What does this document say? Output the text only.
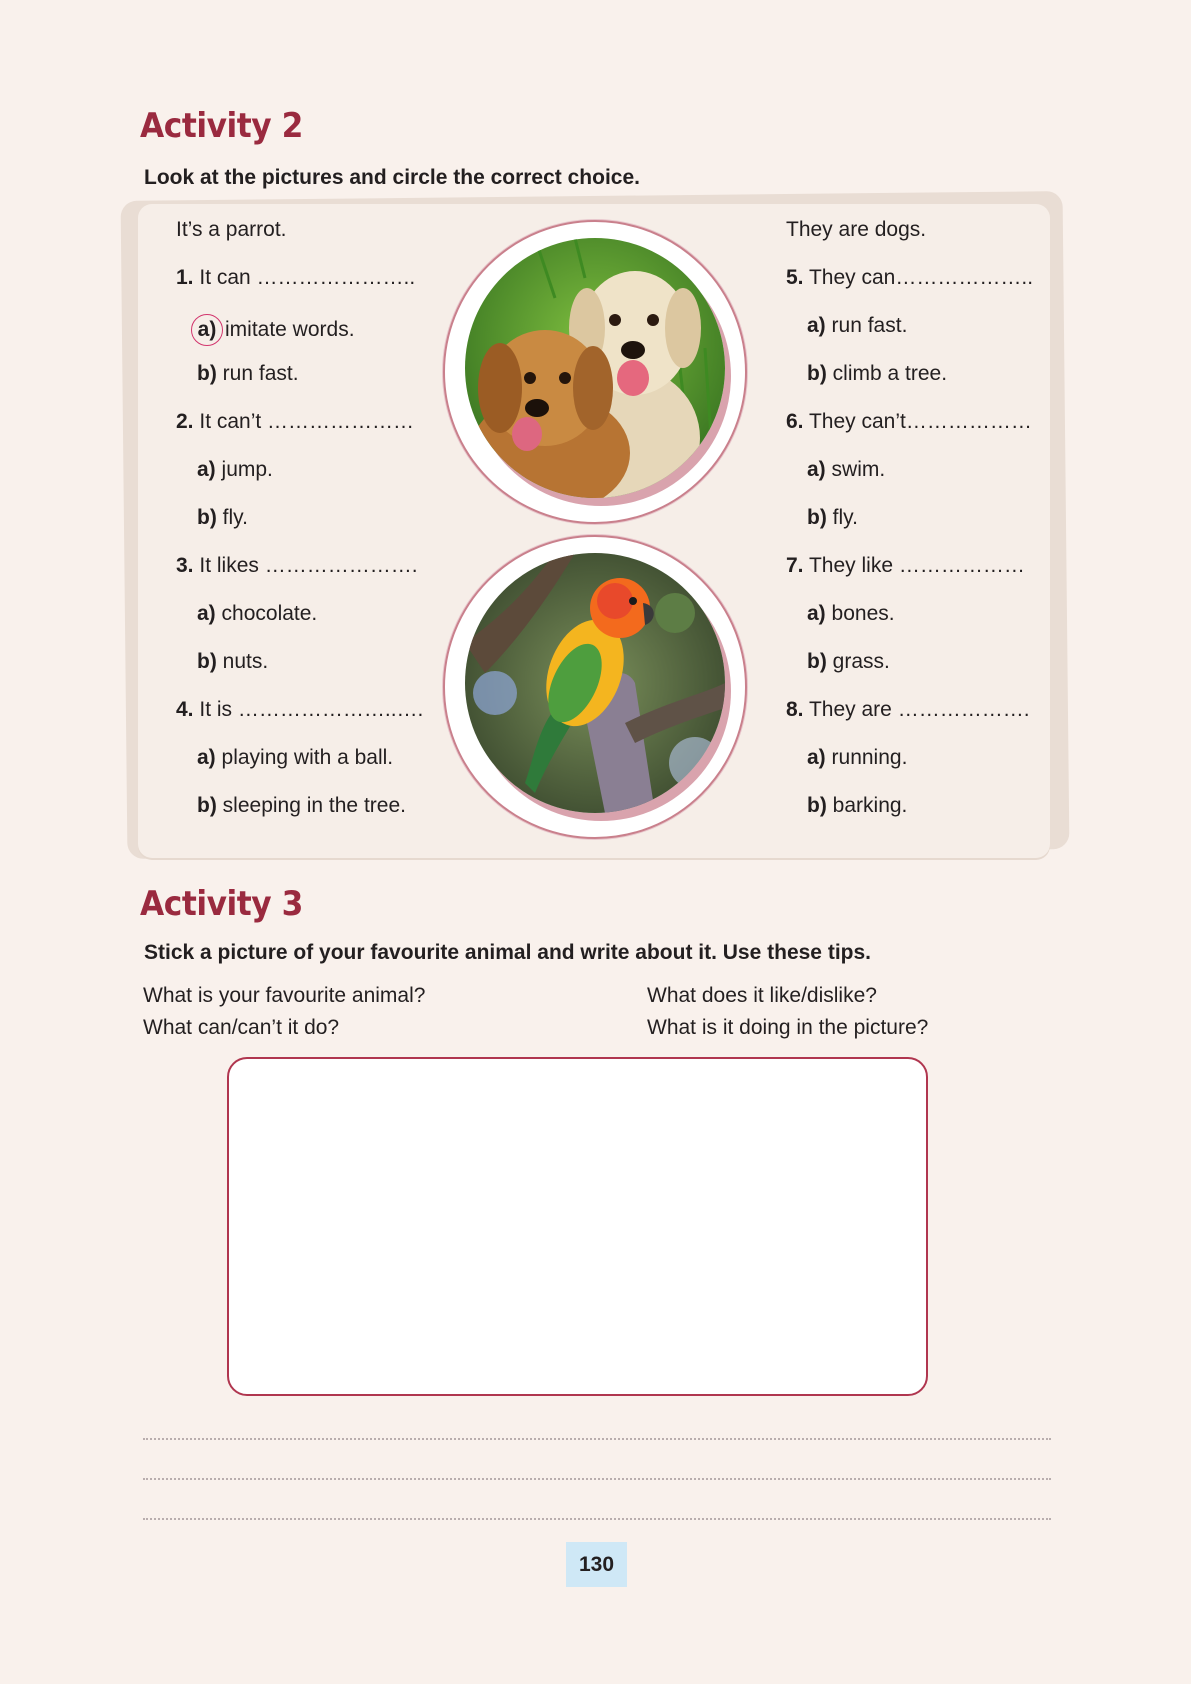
Activity 2
Look at the pictures and circle the correct choice.
It’s a parrot.
1. It can …………………..
a) imitate words.
b) run fast.
2. It can’t …………………
a) jump.
b) fly.
3. It likes ………………….
a) chocolate.
b) nuts.
4. It is …………………..….
a) playing with a ball.
b) sleeping in the tree.
They are dogs.
5. They can………………..
a) run fast.
b) climb a tree.
6. They can’t………………
a) swim.
b) fly.
7. They like ………………
a) bones.
b) grass.
8. They are ……………….
a) running.
b) barking.
Activity 3
Stick a picture of your favourite animal and write about it. Use these tips.
What is your favourite animal?
What can/can’t it do?
What does it like/dislike?
What is it doing in the picture?
130
